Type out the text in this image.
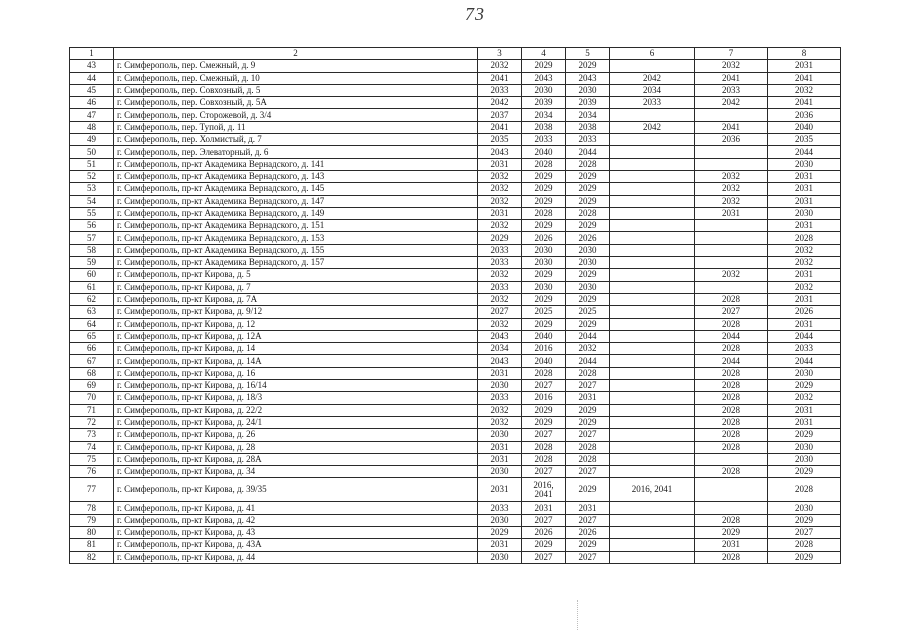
73
1	2	3	4	5	6	7	8
43	г. Симферополь, пер. Смежный, д. 9	2032	2029	2029		2032	2031
44	г. Симферополь, пер. Смежный, д. 10	2041	2043	2043	2042	2041	2041
45	г. Симферополь, пер. Совхозный, д. 5	2033	2030	2030	2034	2033	2032
46	г. Симферополь, пер. Совхозный, д. 5А	2042	2039	2039	2033	2042	2041
47	г. Симферополь, пер. Сторожевой, д. 3/4	2037	2034	2034			2036
48	г. Симферополь, пер. Тупой, д. 11	2041	2038	2038	2042	2041	2040
49	г. Симферополь, пер. Холмистый, д. 7	2035	2033	2033		2036	2035
50	г. Симферополь, пер. Элеваторный, д. 6	2043	2040	2044			2044
51	г. Симферополь, пр-кт Академика Вернадского, д. 141	2031	2028	2028			2030
52	г. Симферополь, пр-кт Академика Вернадского, д. 143	2032	2029	2029		2032	2031
53	г. Симферополь, пр-кт Академика Вернадского, д. 145	2032	2029	2029		2032	2031
54	г. Симферополь, пр-кт Академика Вернадского, д. 147	2032	2029	2029		2032	2031
55	г. Симферополь, пр-кт Академика Вернадского, д. 149	2031	2028	2028		2031	2030
56	г. Симферополь, пр-кт Академика Вернадского, д. 151	2032	2029	2029			2031
57	г. Симферополь, пр-кт Академика Вернадского, д. 153	2029	2026	2026			2028
58	г. Симферополь, пр-кт Академика Вернадского, д. 155	2033	2030	2030			2032
59	г. Симферополь, пр-кт Академика Вернадского, д. 157	2033	2030	2030			2032
60	г. Симферополь, пр-кт Кирова, д. 5	2032	2029	2029		2032	2031
61	г. Симферополь, пр-кт Кирова, д. 7	2033	2030	2030			2032
62	г. Симферополь, пр-кт Кирова, д. 7А	2032	2029	2029		2028	2031
63	г. Симферополь, пр-кт Кирова, д. 9/12	2027	2025	2025		2027	2026
64	г. Симферополь, пр-кт Кирова, д. 12	2032	2029	2029		2028	2031
65	г. Симферополь, пр-кт Кирова, д. 12А	2043	2040	2044		2044	2044
66	г. Симферополь, пр-кт Кирова, д. 14	2034	2016	2032		2028	2033
67	г. Симферополь, пр-кт Кирова, д. 14А	2043	2040	2044		2044	2044
68	г. Симферополь, пр-кт Кирова, д. 16	2031	2028	2028		2028	2030
69	г. Симферополь, пр-кт Кирова, д. 16/14	2030	2027	2027		2028	2029
70	г. Симферополь, пр-кт Кирова, д. 18/3	2033	2016	2031		2028	2032
71	г. Симферополь, пр-кт Кирова, д. 22/2	2032	2029	2029		2028	2031
72	г. Симферополь, пр-кт Кирова, д. 24/1	2032	2029	2029		2028	2031
73	г. Симферополь, пр-кт Кирова, д. 26	2030	2027	2027		2028	2029
74	г. Симферополь, пр-кт Кирова, д. 28	2031	2028	2028		2028	2030
75	г. Симферополь, пр-кт Кирова, д. 28А	2031	2028	2028			2030
76	г. Симферополь, пр-кт Кирова, д. 34	2030	2027	2027		2028	2029
77	г. Симферополь, пр-кт Кирова, д. 39/35	2031	2016, 2041	2029	2016, 2041		2028
78	г. Симферополь, пр-кт Кирова, д. 41	2033	2031	2031			2030
79	г. Симферополь, пр-кт Кирова, д. 42	2030	2027	2027		2028	2029
80	г. Симферополь, пр-кт Кирова, д. 43	2029	2026	2026		2029	2027
81	г. Симферополь, пр-кт Кирова, д. 43А	2031	2029	2029		2031	2028
82	г. Симферополь, пр-кт Кирова, д. 44	2030	2027	2027		2028	2029
